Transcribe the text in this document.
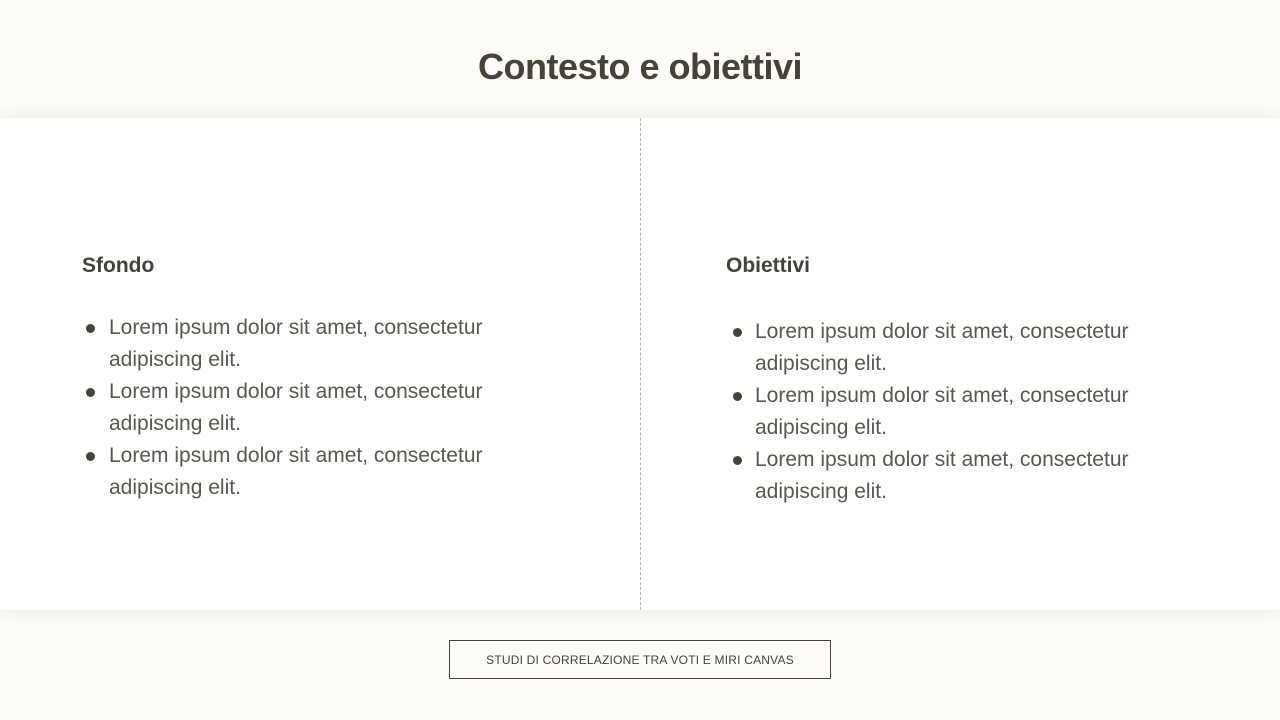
Contesto e obiettivi
Sfondo
Lorem ipsum dolor sit amet, consectetur adipiscing elit.
Lorem ipsum dolor sit amet, consectetur adipiscing elit.
Lorem ipsum dolor sit amet, consectetur adipiscing elit.
Obiettivi
Lorem ipsum dolor sit amet, consectetur adipiscing elit.
Lorem ipsum dolor sit amet, consectetur adipiscing elit.
Lorem ipsum dolor sit amet, consectetur adipiscing elit.
STUDI DI CORRELAZIONE TRA VOTI E MIRI CANVAS
